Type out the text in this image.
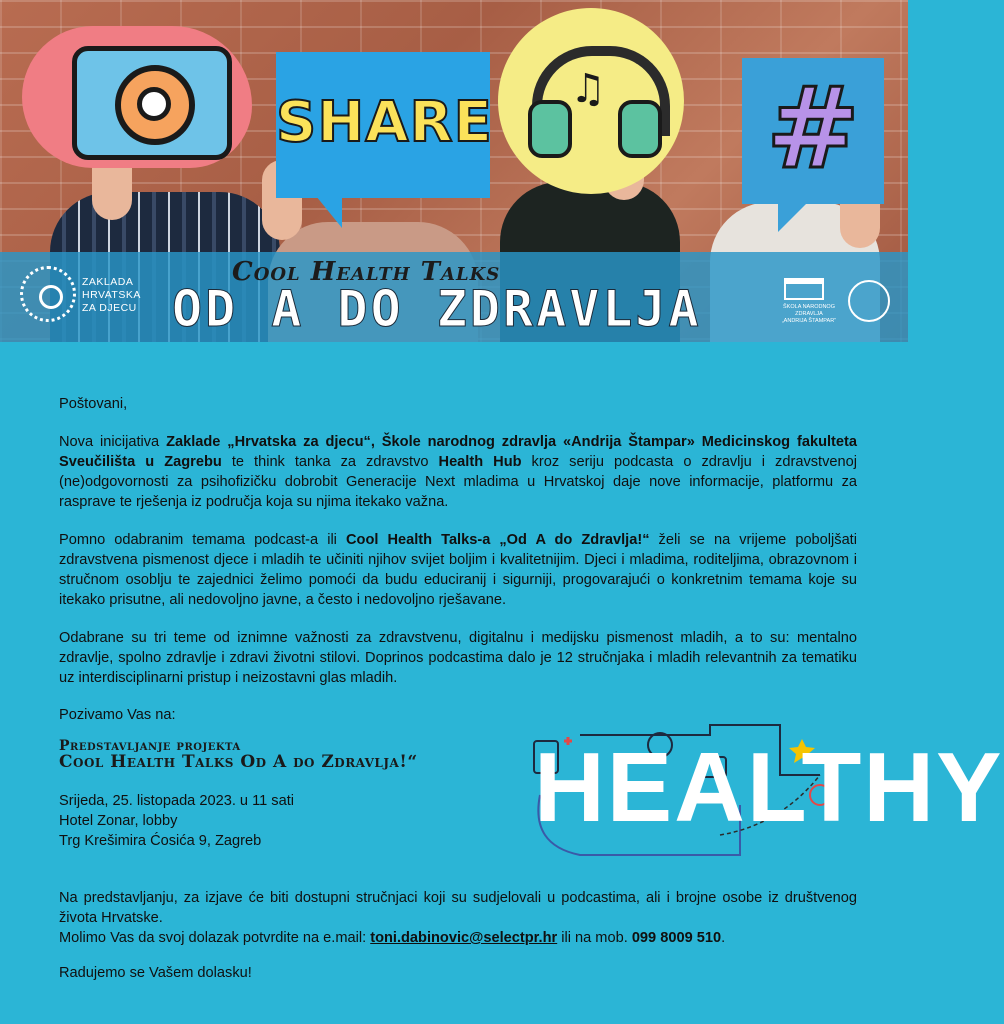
SHARE
♫ #
ZAKLADA
HRVATSKA
ZA DJECU
Cool Health Talks
OD A DO ZDRAVLJA	ŠKOLA NARODNOG ZDRAVLJA
„ANDRIJA ŠTAMPAR"
Poštovani,
Nova inicijativa Zaklade „Hrvatska za djecu“, Škole narodnog zdravlja «Andrija Štampar» Medicinskog fakulteta Sveučilišta u Zagrebu te think tanka za zdravstvo Health Hub kroz seriju podcasta o zdravlju i zdravstvenoj (ne)odgovornosti za psihofizičku dobrobit Generacije Next mladima u Hrvatskoj daje nove informacije, platformu za rasprave te rješenja iz područja koja su njima itekako važna.
Pomno odabranim temama podcast-a ili Cool Health Talks-a „Od A do Zdravlja!“ želi se na vrijeme poboljšati zdravstvena pismenost djece i mladih te učiniti njihov svijet boljim i kvalitetnijim. Djeci i mladima, roditeljima, obrazovnom i stručnom osoblju te zajednici želimo pomoći da budu educiranij i sigurniji, progovarajući o konkretnim temama koje su itekako prisutne, ali nedovoljno javne, a često i nedovoljno rješavane.
Odabrane su tri teme od iznimne važnosti za zdravstvenu, digitalnu i medijsku pismenost mladih, a to su: mentalno zdravlje, spolno zdravlje i zdravi životni stilovi. Doprinos podcastima dalo je 12 stručnjaka i mladih relevantnih za tematiku uz interdisciplinarni pristup i neizostavni glas mladih.
Pozivamo Vas na:
Predstavljanje projekta
Cool Health Talks Od A do Zdravlja!“
Srijeda, 25. listopada 2023. u 11 sati
Hotel Zonar, lobby
Trg Krešimira Ćosića 9, Zagreb	HEALTHY
Na predstavljanju, za izjave će biti dostupni stručnjaci koji su sudjelovali u podcastima, ali i brojne osobe iz društvenog života Hrvatske.
Molimo Vas da svoj dolazak potvrdite na e.mail: toni.dabinovic@selectpr.hr ili na mob. 099 8009 510.
Radujemo se Vašem dolasku!
